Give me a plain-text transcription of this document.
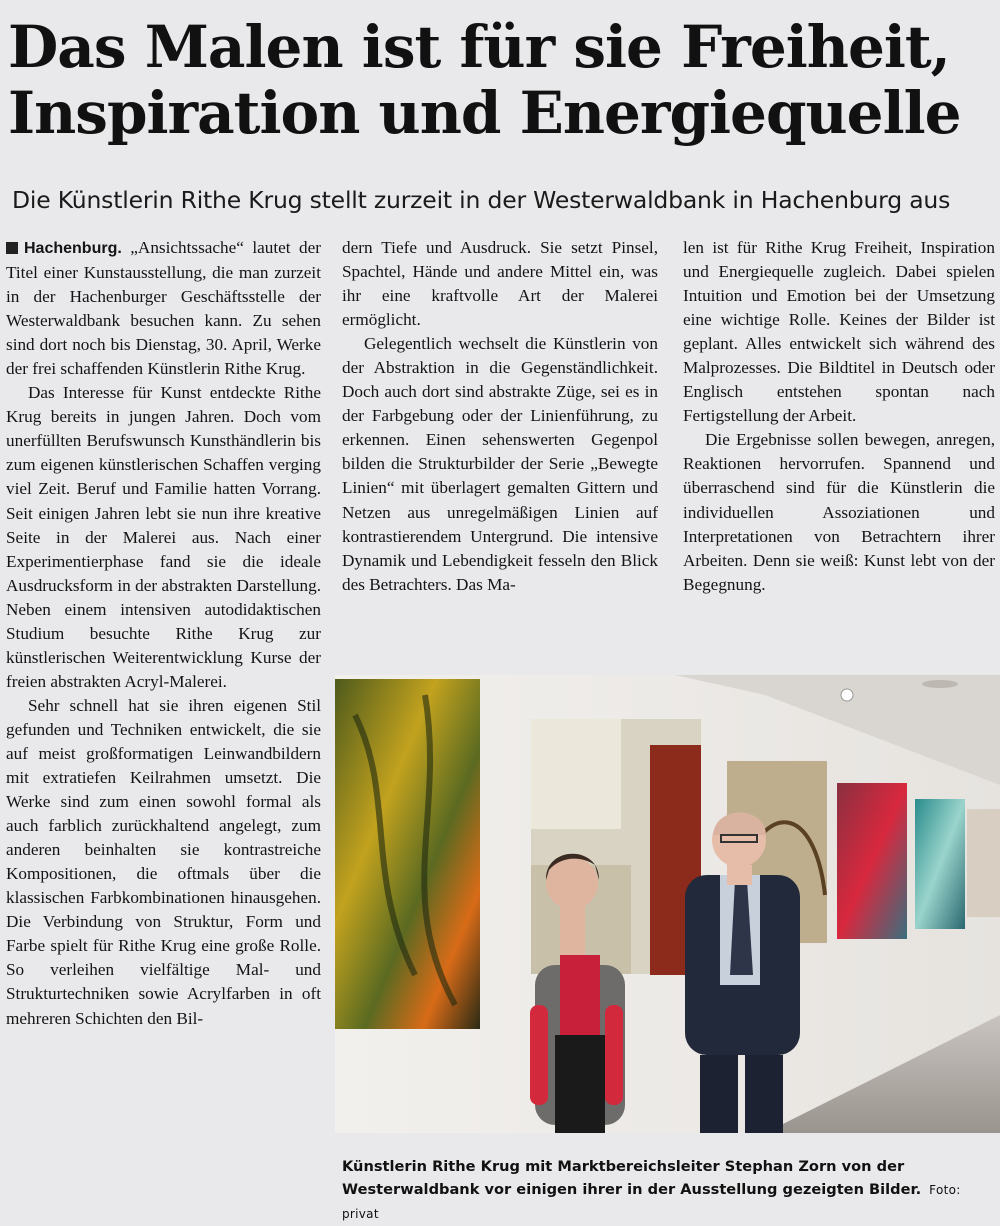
Das Malen ist für sie Freiheit,
Inspiration und Energiequelle

Die Künstlerin Rithe Krug stellt zurzeit in der Westerwaldbank in Hachenburg aus

Hachenburg. „Ansichtssache“ lautet der Titel einer Kunstausstellung, die man zurzeit in der Hachenburger Geschäftsstelle der Westerwaldbank besuchen kann. Zu sehen sind dort noch bis Dienstag, 30. April, Werke der frei schaffenden Künstlerin Rithe Krug.

Das Interesse für Kunst entdeckte Rithe Krug bereits in jungen Jahren. Doch vom unerfüllten Berufswunsch Kunsthändlerin bis zum eigenen künstlerischen Schaffen verging viel Zeit. Beruf und Familie hatten Vorrang. Seit einigen Jahren lebt sie nun ihre kreative Seite in der Malerei aus. Nach einer Experimentierphase fand sie die ideale Ausdrucksform in der abstrakten Darstellung. Neben einem intensiven autodidaktischen Studium besuchte Rithe Krug zur künstlerischen Weiterentwicklung Kurse der freien abstrakten Acryl-Malerei.

Sehr schnell hat sie ihren eigenen Stil gefunden und Techniken entwickelt, die sie auf meist großformatigen Leinwandbildern mit extratiefen Keilrahmen umsetzt. Die Werke sind zum einen sowohl formal als auch farblich zurückhaltend angelegt, zum anderen beinhalten sie kontrastreiche Kompositionen, die oftmals über die klassischen Farbkombinationen hinausgehen. Die Verbindung von Struktur, Form und Farbe spielt für Rithe Krug eine große Rolle. So verleihen vielfältige Mal- und Strukturtechniken sowie Acrylfarben in oft mehreren Schichten den Bil-

dern Tiefe und Ausdruck. Sie setzt Pinsel, Spachtel, Hände und andere Mittel ein, was ihr eine kraftvolle Art der Malerei ermöglicht.

Gelegentlich wechselt die Künstlerin von der Abstraktion in die Gegenständlichkeit. Doch auch dort sind abstrakte Züge, sei es in der Farbgebung oder der Linienführung, zu erkennen. Einen sehenswerten Gegenpol bilden die Strukturbilder der Serie „Bewegte Linien“ mit überlagert gemalten Gittern und Netzen aus unregelmäßigen Linien auf kontrastierendem Untergrund. Die intensive Dynamik und Lebendigkeit fesseln den Blick des Betrachters. Das Ma-

len ist für Rithe Krug Freiheit, Inspiration und Energiequelle zugleich. Dabei spielen Intuition und Emotion bei der Umsetzung eine wichtige Rolle. Keines der Bilder ist geplant. Alles entwickelt sich während des Malprozesses. Die Bildtitel in Deutsch oder Englisch entstehen spontan nach Fertigstellung der Arbeit.

Die Ergebnisse sollen bewegen, anregen, Reaktionen hervorrufen. Spannend und überraschend sind für die Künstlerin die individuellen Assoziationen und Interpretationen von Betrachtern ihrer Arbeiten. Denn sie weiß: Kunst lebt von der Begegnung.

Künstlerin Rithe Krug mit Marktbereichsleiter Stephan Zorn von der Westerwaldbank vor einigen ihrer in der Ausstellung gezeigten Bilder. Foto: privat
